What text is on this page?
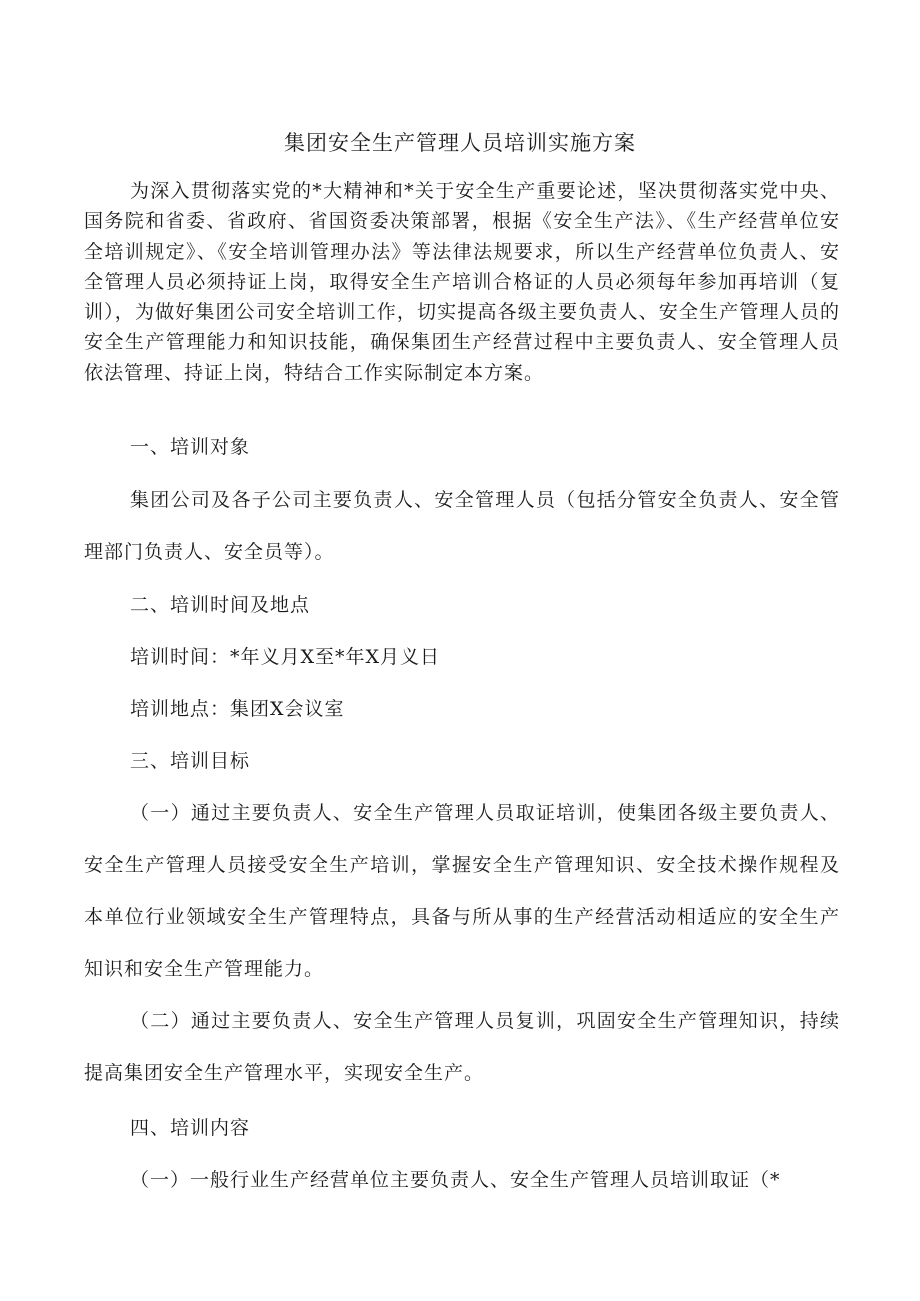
集团安全生产管理人员培训实施方案
为深入贯彻落实党的*大精神和*关于安全生产重要论述，坚决贯彻落实党中央、国务院和省委、省政府、省国资委决策部署，根据《安全生产法》、《生产经营单位安全培训规定》、《安全培训管理办法》等法律法规要求，所以生产经营单位负责人、安全管理人员必须持证上岗，取得安全生产培训合格证的人员必须每年参加再培训（复训），为做好集团公司安全培训工作，切实提高各级主要负责人、安全生产管理人员的安全生产管理能力和知识技能，确保集团生产经营过程中主要负责人、安全管理人员依法管理、持证上岗，特结合工作实际制定本方案。
一、培训对象
集团公司及各子公司主要负责人、安全管理人员（包括分管安全负责人、安全管理部门负责人、安全员等）。
二、培训时间及地点
培训时间：*年义月X至*年X月义日
培训地点：集团X会议室
三、培训目标
（一）通过主要负责人、安全生产管理人员取证培训，使集团各级主要负责人、安全生产管理人员接受安全生产培训，掌握安全生产管理知识、安全技术操作规程及本单位行业领域安全生产管理特点，具备与所从事的生产经营活动相适应的安全生产知识和安全生产管理能力。
（二）通过主要负责人、安全生产管理人员复训，巩固安全生产管理知识，持续提高集团安全生产管理水平，实现安全生产。
四、培训内容
（一）一般行业生产经营单位主要负责人、安全生产管理人员培训取证（*
